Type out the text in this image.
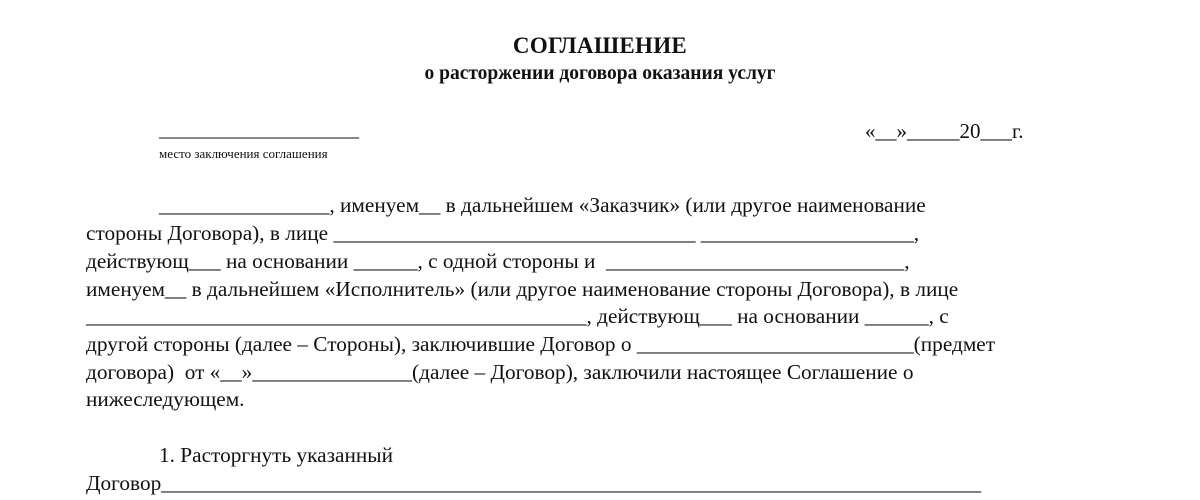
СОГЛАШЕНИЕ
о расторжении договора оказания услуг
____________________
место заключения соглашения
«__»_____20___г.
________________, именуем__ в дальнейшем «Заказчик» (или другое наименование
стороны Договора), в лице __________________________________ ____________________,
действующ___ на основании ______, с одной стороны и  ____________________________,
именуем__ в дальнейшем «Исполнитель» (или другое наименование стороны Договора), в лице
_______________________________________________, действующ___ на основании ______, с
другой стороны (далее – Стороны), заключившие Договор о __________________________(предмет
договора)  от «__»_______________(далее – Договор), заключили настоящее Соглашение о
нижеследующем.
1. Расторгнуть указанный
Договор_____________________________________________________________________________
